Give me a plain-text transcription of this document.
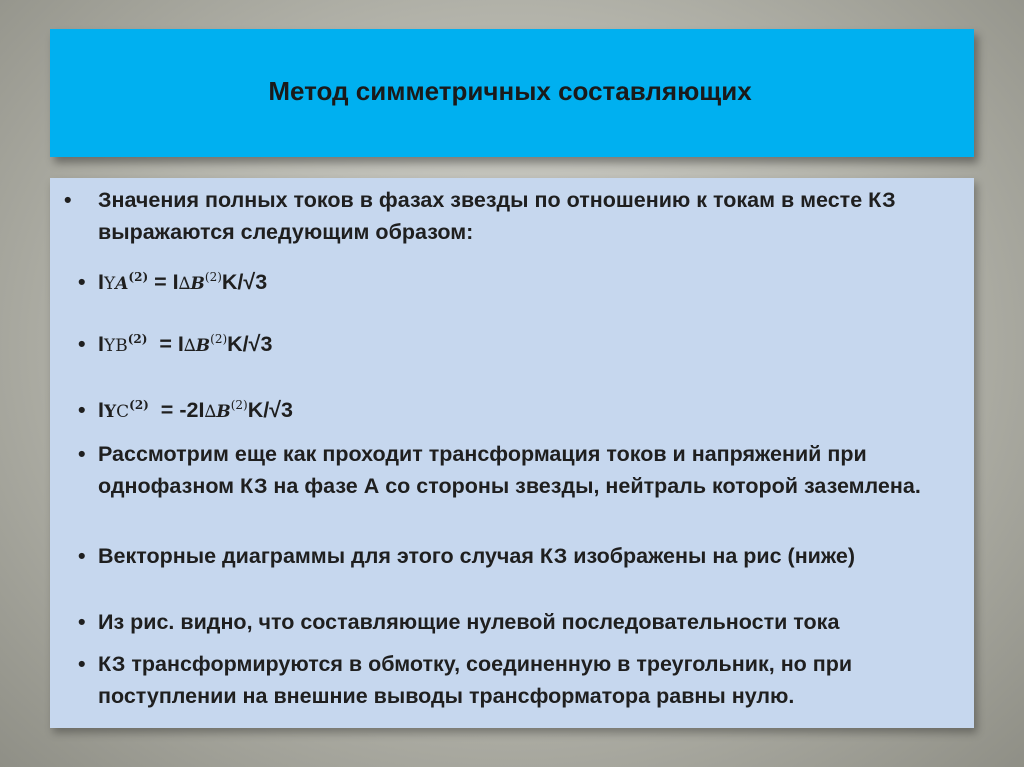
Метод симметричных составляющих
• Значения полных токов в фазах звезды по отношению к токам в месте КЗ выражаются следующим образом:
• $IYA^{(2)} = I\Delta B^{(2)}K/√3$
• $IYB^{(2)} = I\Delta B^{(2)}K/√3$
• $IYC^{(2)} = -2I\Delta B^{(2)}K/√3$
• Рассмотрим еще как проходит трансформация токов и напряжений при однофазном КЗ на фазе А со стороны звезды, нейтраль которой заземлена.
• Векторные диаграммы для этого случая КЗ изображены на рис (ниже)
• Из рис. видно, что составляющие нулевой последовательности тока
• КЗ трансформируются в обмотку, соединенную в треугольник, но при поступлении на внешние выводы трансформатора равны нулю.
